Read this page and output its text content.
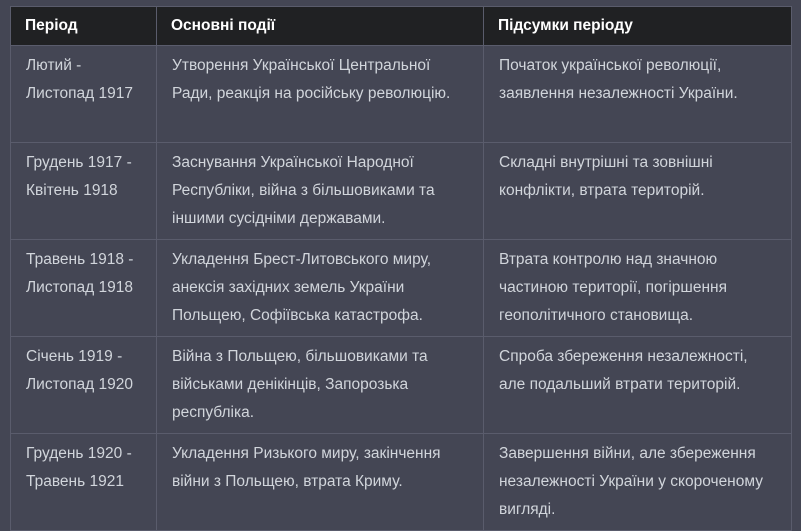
Період	Основні події	Підсумки періоду
Лютий - Листопад 1917	Утворення Української Центральної Ради, реакція на російську революцію.	Початок української революції, заявлення незалежності України.
Грудень 1917 - Квітень 1918	Заснування Української Народної Республіки, війна з більшовиками та іншими сусідніми державами.	Складні внутрішні та зовнішні конфлікти, втрата територій.
Травень 1918 - Листопад 1918	Укладення Брест-Литовського миру, анексія західних земель України Польщею, Софіївська катастрофа.	Втрата контролю над значною частиною території, погіршення геополітичного становища.
Січень 1919 - Листопад 1920	Війна з Польщею, більшовиками та військами денікінців, Запорозька республіка.	Спроба збереження незалежності, але подальший втрати територій.
Грудень 1920 - Травень 1921	Укладення Ризького миру, закінчення війни з Польщею, втрата Криму.	Завершення війни, але збереження незалежності України у скороченому вигляді.
